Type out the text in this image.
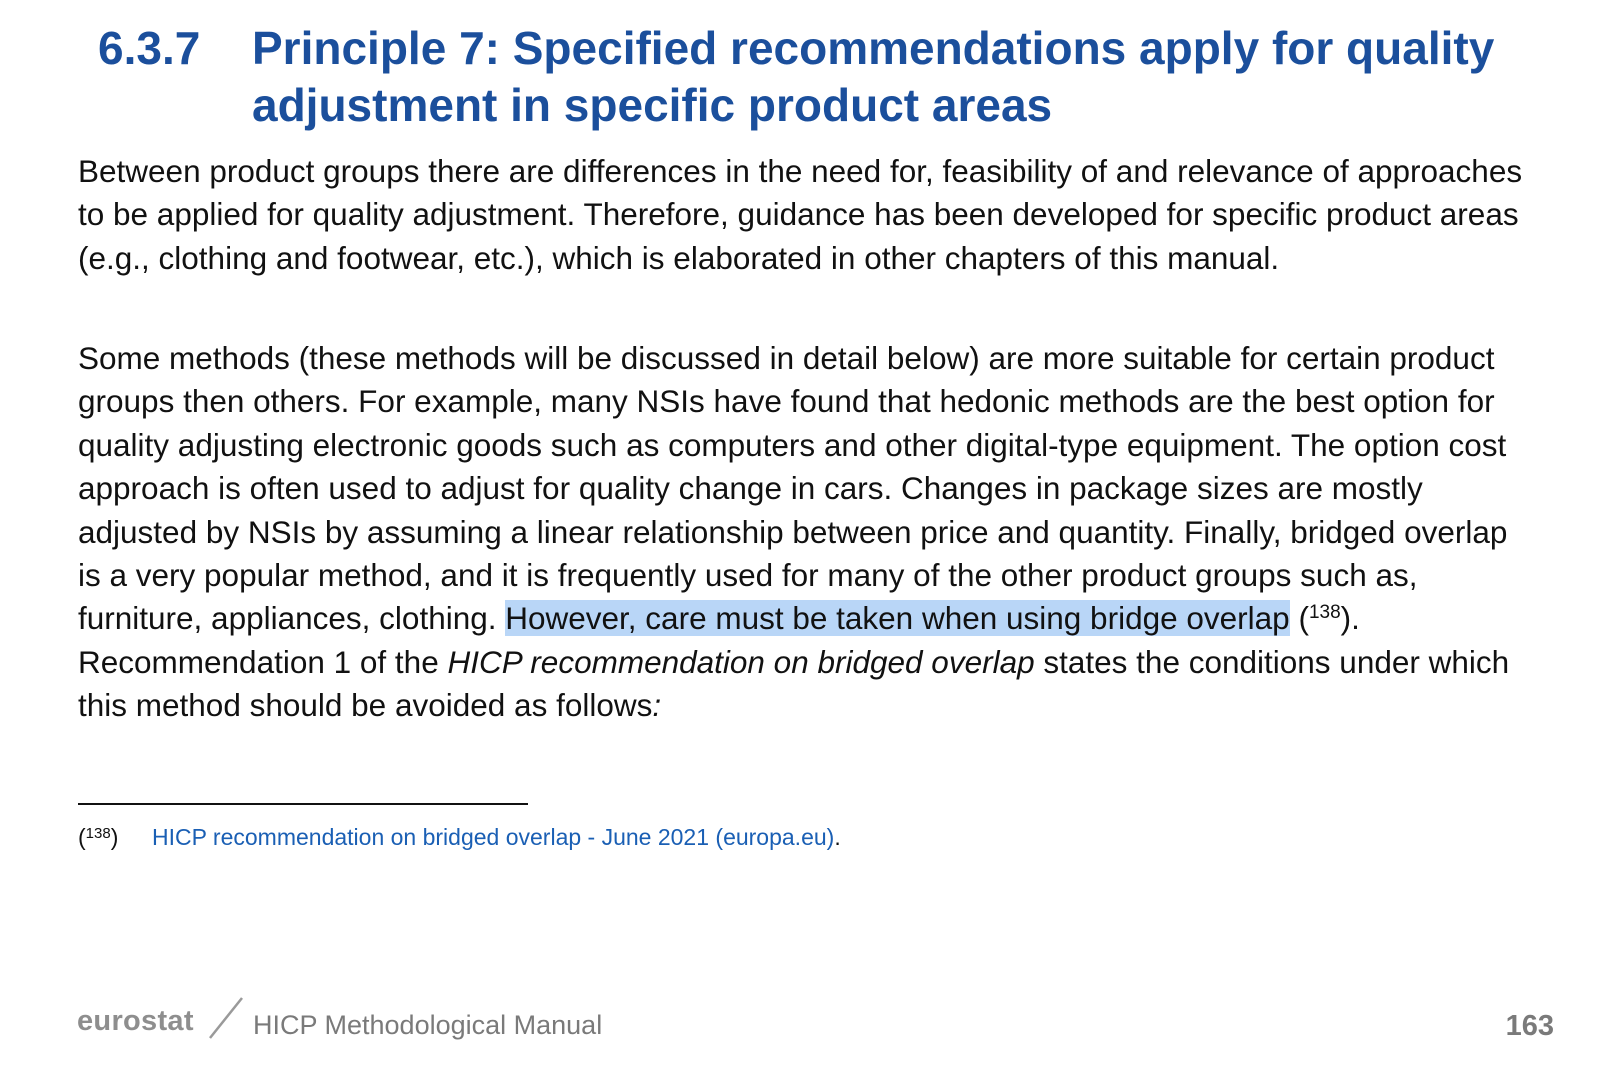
6.3.7	Principle 7: Specified recommendations apply for quality adjustment in specific product areas

Between product groups there are differences in the need for, feasibility of and relevance of approaches to be applied for quality adjustment. Therefore, guidance has been developed for specific product areas (e.g., clothing and footwear, etc.), which is elaborated in other chapters of this manual.

Some methods (these methods will be discussed in detail below) are more suitable for certain product groups then others. For example, many NSIs have found that hedonic methods are the best option for quality adjusting electronic goods such as computers and other digital-type equipment. The option cost approach is often used to adjust for quality change in cars. Changes in package sizes are mostly adjusted by NSIs by assuming a linear relationship between price and quantity. Finally, bridged overlap is a very popular method, and it is frequently used for many of the other product groups such as, furniture, appliances, clothing. However, care must be taken when using bridge overlap ($^{138}$). Recommendation 1 of the HICP recommendation on bridged overlap states the conditions under which this method should be avoided as follows:

($^{138}$)	HICP recommendation on bridged overlap - June 2021 (europa.eu).
eurostat HICP Methodological Manual	163
